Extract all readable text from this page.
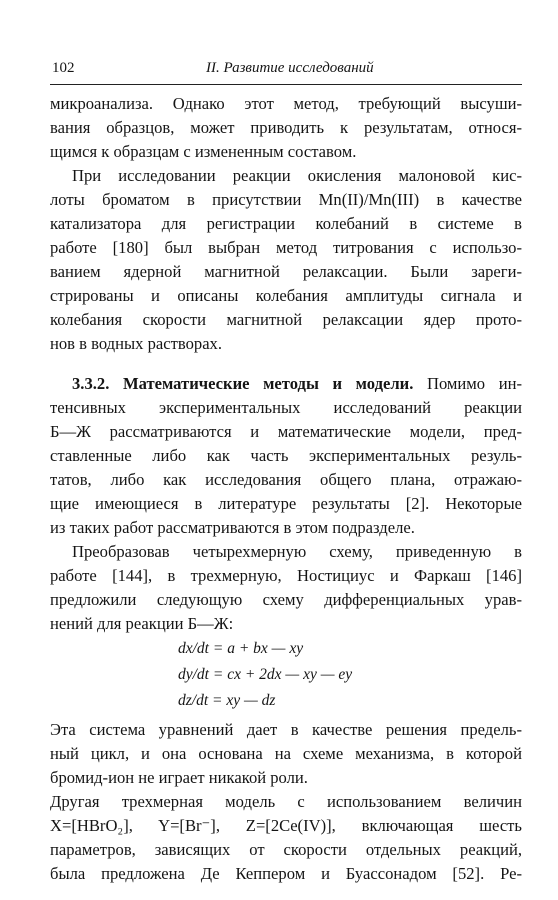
102	II. Развитие исследований
микроанализа. Однако этот метод, требующий высуши-
вания образцов, может приводить к результатам, относя-
щимся к образцам с измененным составом.
При исследовании реакции окисления малоновой кис-
лоты броматом в присутствии Mn(II)/Mn(III) в качестве
катализатора для регистрации колебаний в системе в
работе [180] был выбран метод титрования с использо-
ванием ядерной магнитной релаксации. Были зареги-
стрированы и описаны колебания амплитуды сигнала и
колебания скорости магнитной релаксации ядер прото-
нов в водных растворах.
3.3.2. Математические методы и модели. Помимо ин-
тенсивных экспериментальных исследований реакции
Б—Ж рассматриваются и математические модели, пред-
ставленные либо как часть экспериментальных резуль-
татов, либо как исследования общего плана, отражаю-
щие имеющиеся в литературе результаты [2]. Некоторые
из таких работ рассматриваются в этом подразделе.
Преобразовав четырехмерную схему, приведенную в
работе [144], в трехмерную, Ностициус и Фаркаш [146]
предложили следующую схему дифференциальных урав-
нений для реакции Б—Ж:
dx/dt = a + bx — xy
dy/dt = cx + 2dx — xy — ey
dz/dt = xy — dz
Эта система уравнений дает в качестве решения предель-
ный цикл, и она основана на схеме механизма, в которой
бромид-ион не играет никакой роли.
Другая трехмерная модель с использованием величин
X=[HBrO₂], Y=[Br⁻], Z=[2Ce(IV)], включающая шесть
параметров, зависящих от скорости отдельных реакций,
была предложена Де Кеппером и Буассонадом [52]. Ре-
